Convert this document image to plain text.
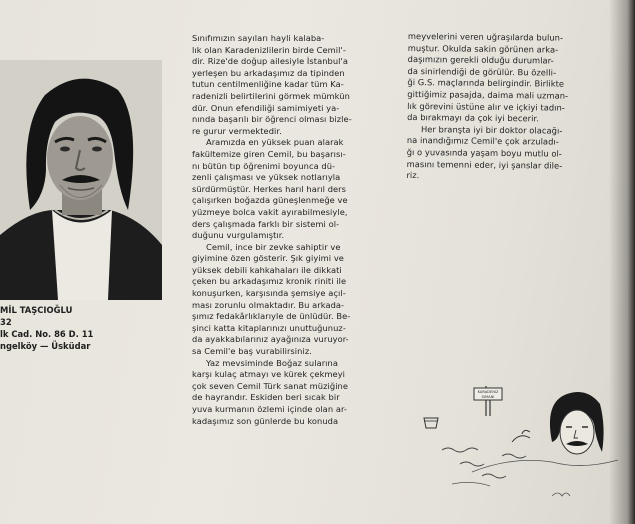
MİL TAŞCIOĞLU
32
lk Cad. No. 86 D. 11
ngelköy — Üsküdar
Sınıfımızın sayıları hayli kalaba-
lık olan Karadenizlilerin birde Cemil'-
dir. Rize'de doğup ailesiyle İstanbul'a
yerleşen bu arkadaşımız da tipinden
tutun centilmenliğine kadar tüm Ka-
radenizli belirtilerini görmek mümkün
dür. Onun efendiliği samimiyeti ya-
nında başarılı bir öğrenci olması bizle-
re gurur vermektedir.
Aramızda en yüksek puan alarak
fakültemize giren Cemil, bu başarısı-
nı bütün tıp öğrenimi boyunca dü-
zenli çalışması ve yüksek notlarıyla
sürdürmüştür. Herkes harıl harıl ders
çalışırken boğazda güneşlenmeğe ve
yüzmeye bolca vakit ayırabilmesiyle,
ders çalışmada farklı bir sistemi ol-
duğunu vurgulamıştır.
Cemil, ince bir zevke sahiptir ve
giyimine özen gösterir. Şık giyimi ve
yüksek debili kahkahaları ile dikkati
çeken bu arkadaşımız kronik riniti ile
konuşurken, karşısında şemsiye açıl-
ması zorunlu olmaktadır. Bu arkada-
şımız fedakârlıklarıyle de ünlüdür. Be-
şinci katta kitaplarınızı unuttuğunuz-
da ayakkabılarınız ayağınıza vuruyor-
sa Cemil'e baş vurabilirsiniz.
Yaz mevsiminde Boğaz sularına
karşı kulaç atmayı ve kürek çekmeyi
çok seven Cemil Türk sanat müziğine
de hayrandır. Eskiden beri sıcak bir
yuva kurmanın özlemi içinde olan ar-
kadaşımız son günlerde bu konuda
meyvelerini veren uğraşılarda bulun-
muştur. Okulda sakin görünen arka-
daşımızın gerekli olduğu durumlar-
da sinirlendiği de görülür. Bu özelli-
ği G.S. maçlarında belirgindir. Birlikte
gittiğimiz pasajda, daima mali uzman-
lık görevini üstüne alır ve içkiyi tadın-
da bırakmayı da çok iyi becerir.
Her branşta iyi bir doktor olacağı-
na inandığımız Cemil'e çok arzuladı-
ğı o yuvasında yaşam boyu mutlu ol-
masını temenni eder, iyi şanslar dile-
riz.
KARADENIZ
SIMANI
